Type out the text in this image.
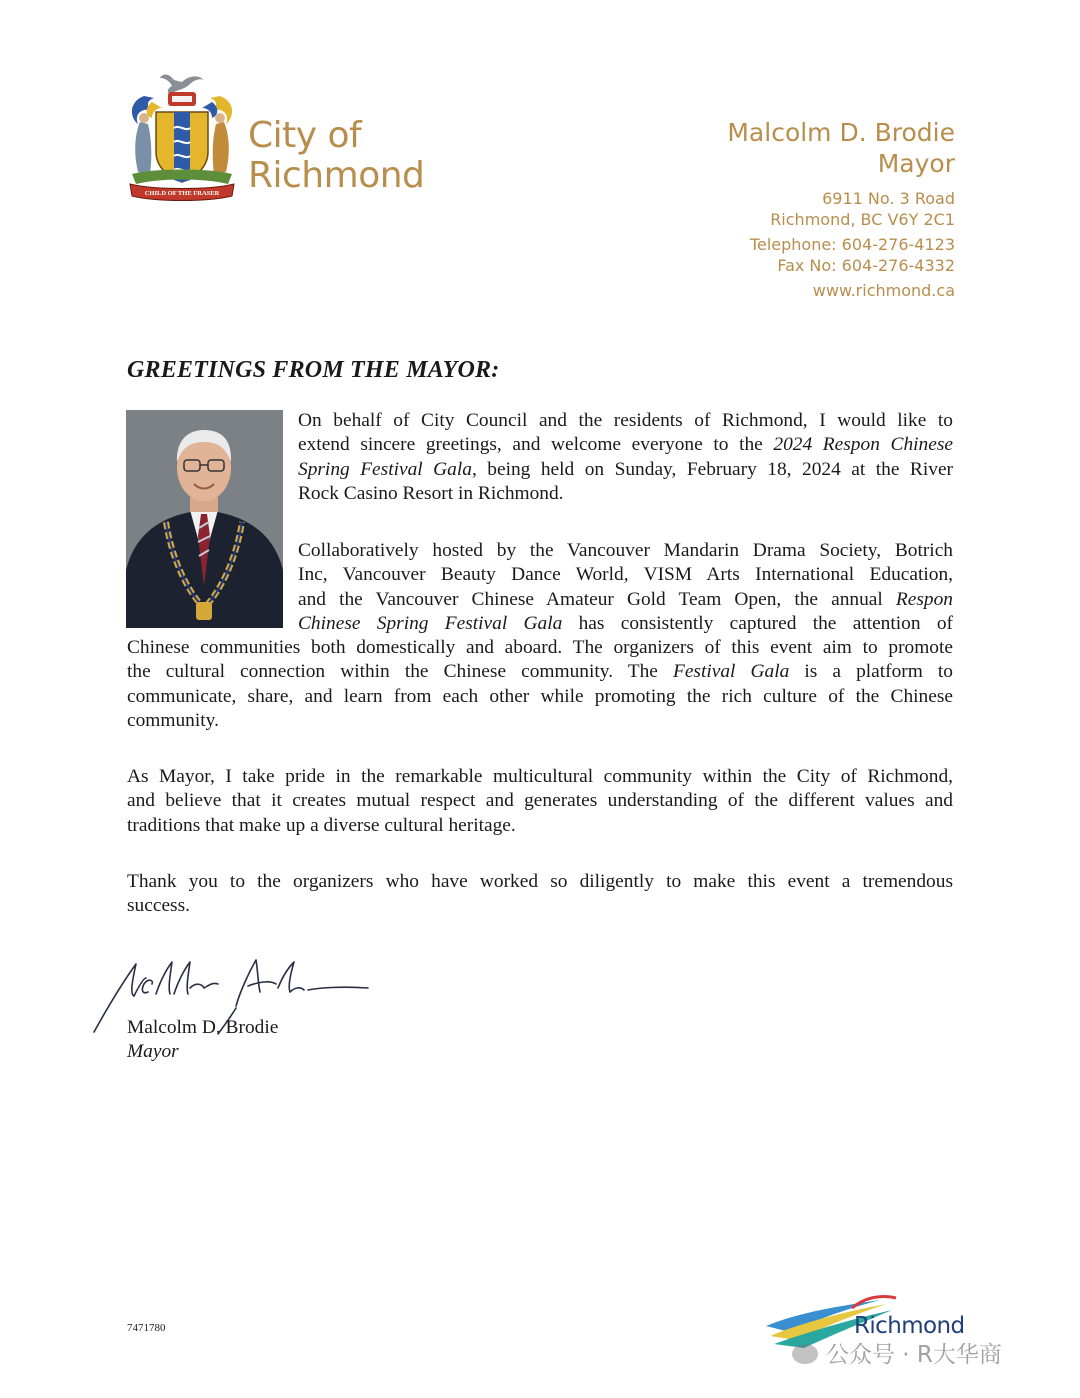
CHILD OF THE FRASER
City of
Richmond
Malcolm D. Brodie
Mayor
6911 No. 3 Road
Richmond, BC V6Y 2C1
Telephone: 604-276-4123
Fax No: 604-276-4332
www.richmond.ca
GREETINGS FROM THE MAYOR:
On behalf of City Council and the residents of Richmond, I would like to
extend sincere greetings, and welcome everyone to the 2024 Respon Chinese
Spring Festival Gala, being held on Sunday, February 18, 2024 at the River
Rock Casino Resort in Richmond.
Collaboratively hosted by the Vancouver Mandarin Drama Society, Botrich
Inc, Vancouver Beauty Dance World, VISM Arts International Education,
and the Vancouver Chinese Amateur Gold Team Open, the annual Respon
Chinese Spring Festival Gala has consistently captured the attention of
Chinese communities both domestically and aboard. The organizers of this event aim to promote
the cultural connection within the Chinese community. The Festival Gala is a platform to
communicate, share, and learn from each other while promoting the rich culture of the Chinese
community.
As Mayor, I take pride in the remarkable multicultural community within the City of Richmond,
and believe that it creates mutual respect and generates understanding of the different values and
traditions that make up a diverse cultural heritage.
Thank you to the organizers who have worked so diligently to make this event a tremendous
success.
Malcolm D. Brodie
Mayor
7471780	Richmond
公众号 · R大华商
